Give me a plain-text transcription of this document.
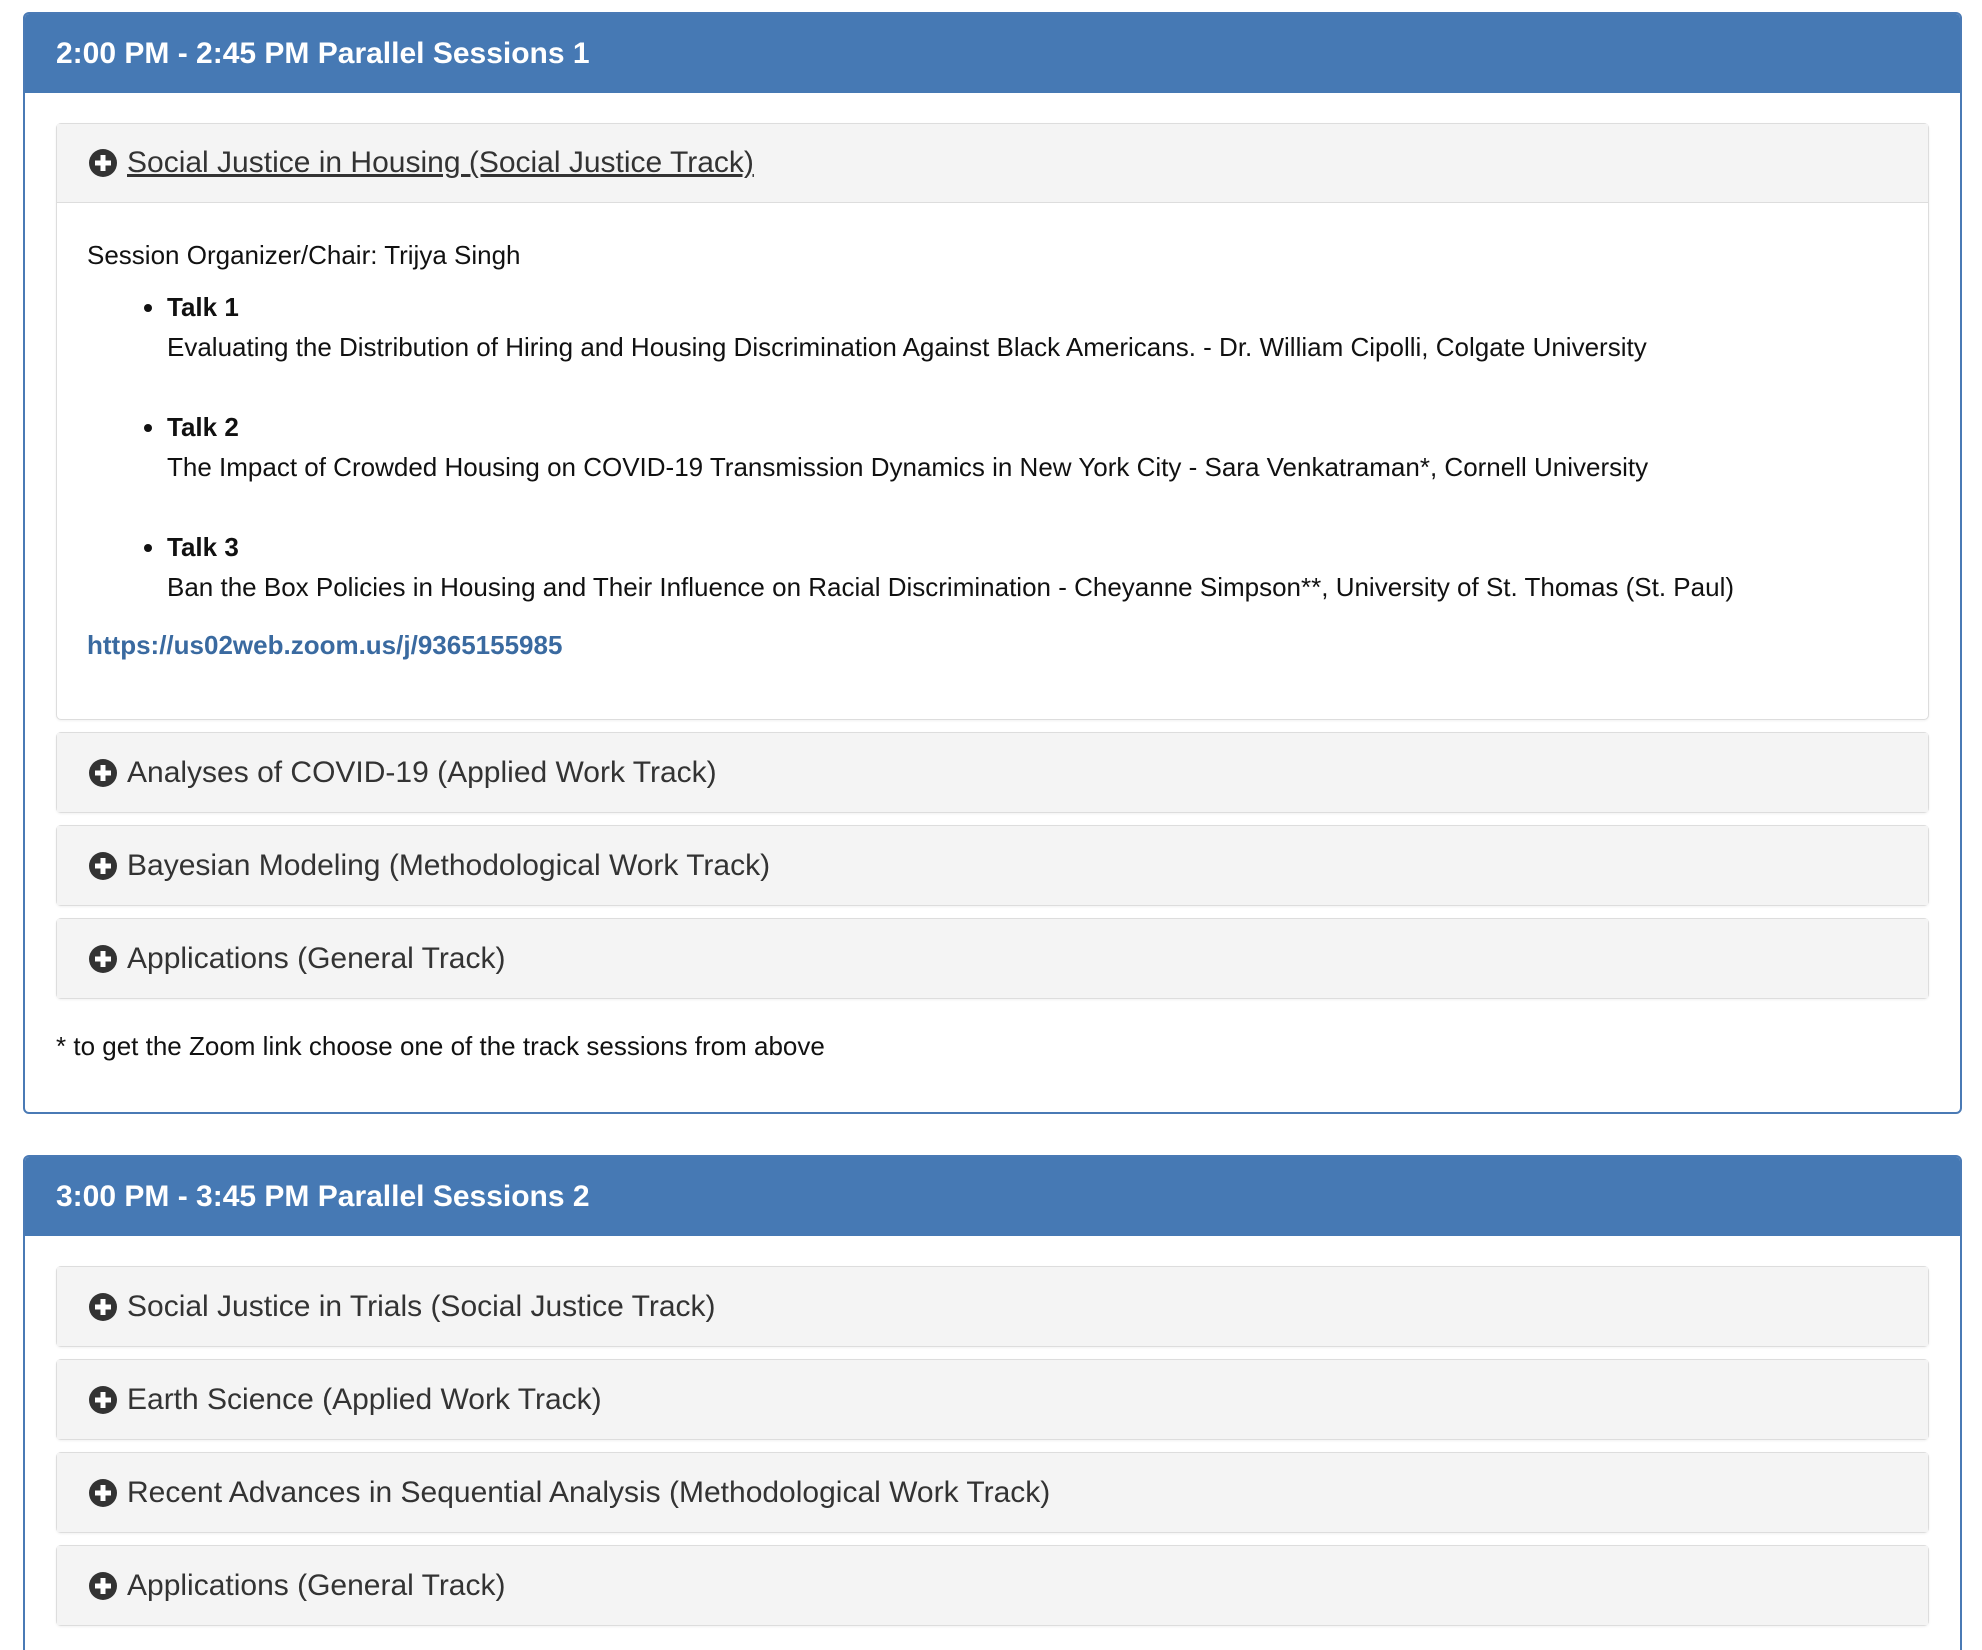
2:00 PM - 2:45 PM Parallel Sessions 1
Social Justice in Housing (Social Justice Track)
Session Organizer/Chair: Trijya Singh
• Talk 1
Evaluating the Distribution of Hiring and Housing Discrimination Against Black Americans. - Dr. William Cipolli, Colgate University
• Talk 2
The Impact of Crowded Housing on COVID-19 Transmission Dynamics in New York City - Sara Venkatraman*, Cornell University
• Talk 3
Ban the Box Policies in Housing and Their Influence on Racial Discrimination - Cheyanne Simpson**, University of St. Thomas (St. Paul)
https://us02web.zoom.us/j/9365155985
Analyses of COVID-19 (Applied Work Track)
Bayesian Modeling (Methodological Work Track)
Applications (General Track)
* to get the Zoom link choose one of the track sessions from above
3:00 PM - 3:45 PM Parallel Sessions 2
Social Justice in Trials (Social Justice Track)
Earth Science (Applied Work Track)
Recent Advances in Sequential Analysis (Methodological Work Track)
Applications (General Track)
